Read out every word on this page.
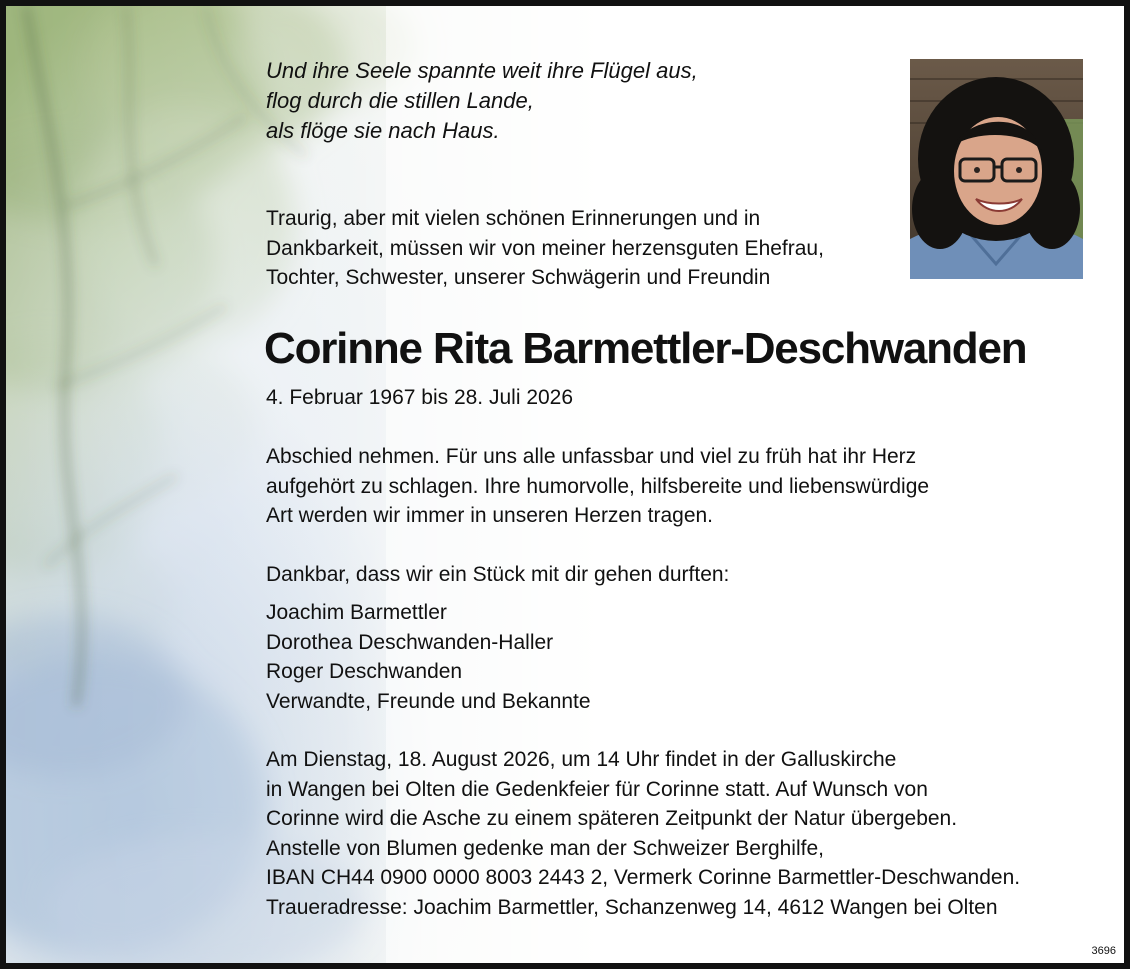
Und ihre Seele spannte weit ihre Flügel aus,
flog durch die stillen Lande,
als flöge sie nach Haus.
Traurig, aber mit vielen schönen Erinnerungen und in
Dankbarkeit, müssen wir von meiner herzensguten Ehefrau,
Tochter, Schwester, unserer Schwägerin und Freundin
Corinne Rita Barmettler-Deschwanden
4. Februar 1967 bis 28. Juli 2026
Abschied nehmen. Für uns alle unfassbar und viel zu früh hat ihr Herz
aufgehört zu schlagen. Ihre humorvolle, hilfsbereite und liebenswürdige
Art werden wir immer in unseren Herzen tragen.
Dankbar, dass wir ein Stück mit dir gehen durften:
Joachim Barmettler
Dorothea Deschwanden-Haller
Roger Deschwanden
Verwandte, Freunde und Bekannte
Am Dienstag, 18. August 2026, um 14 Uhr findet in der Galluskirche
in Wangen bei Olten die Gedenkfeier für Corinne statt. Auf Wunsch von
Corinne wird die Asche zu einem späteren Zeitpunkt der Natur übergeben.
Anstelle von Blumen gedenke man der Schweizer Berghilfe,
IBAN CH44 0900 0000 8003 2443 2, Vermerk Corinne Barmettler-Deschwanden.
Traueradresse: Joachim Barmettler, Schanzenweg 14, 4612 Wangen bei Olten
3696
